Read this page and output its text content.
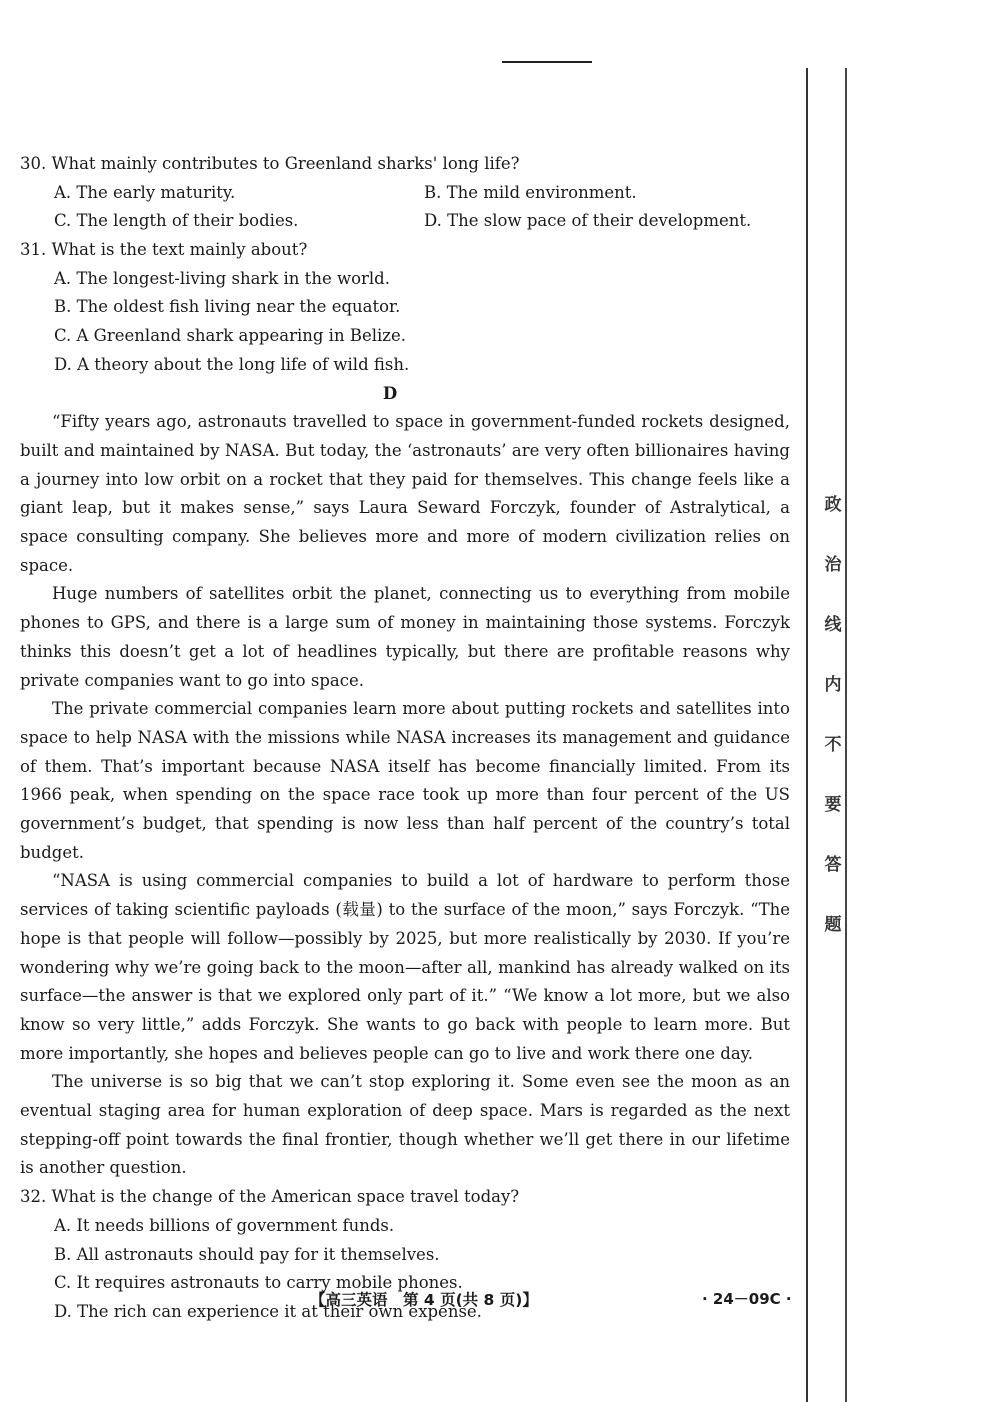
30. What mainly contributes to Greenland sharks' long life?
A. The early maturity.	B. The mild environment.
C. The length of their bodies.	D. The slow pace of their development.
31. What is the text mainly about?
A. The longest-living shark in the world.
B. The oldest fish living near the equator.
C. A Greenland shark appearing in Belize.
D. A theory about the long life of wild fish.
D
“Fifty years ago, astronauts travelled to space in government-funded rockets designed, built and maintained by NASA. But today, the ‘astronauts’ are very often billionaires having a journey into low orbit on a rocket that they paid for themselves. This change feels like a giant leap, but it makes sense,” says Laura Seward Forczyk, founder of Astralytical, a space consulting company. She believes more and more of modern civilization relies on space.
Huge numbers of satellites orbit the planet, connecting us to everything from mobile phones to GPS, and there is a large sum of money in maintaining those systems. Forczyk thinks this doesn’t get a lot of headlines typically, but there are profitable reasons why private companies want to go into space.
The private commercial companies learn more about putting rockets and satellites into space to help NASA with the missions while NASA increases its management and guidance of them. That’s important because NASA itself has become financially limited. From its 1966 peak, when spending on the space race took up more than four percent of the US government’s budget, that spending is now less than half percent of the country’s total budget.
“NASA is using commercial companies to build a lot of hardware to perform those services of taking scientific payloads (载量) to the surface of the moon,” says Forczyk. “The hope is that people will follow—possibly by 2025, but more realistically by 2030. If you’re wondering why we’re going back to the moon—after all, mankind has already walked on its surface—the answer is that we explored only part of it.” “We know a lot more, but we also know so very little,” adds Forczyk. She wants to go back with people to learn more. But more importantly, she hopes and believes people can go to live and work there one day.
The universe is so big that we can’t stop exploring it. Some even see the moon as an eventual staging area for human exploration of deep space. Mars is regarded as the next stepping-off point towards the final frontier, though whether we’ll get there in our lifetime is another question.
32. What is the change of the American space travel today?
A. It needs billions of government funds.
B. All astronauts should pay for it themselves.
C. It requires astronauts to carry mobile phones.
D. The rich can experience it at their own expense.
【高三英语　第 4 页(共 8 页)】	· 24－09C ·
政
治
线
内
不
要
答
题
